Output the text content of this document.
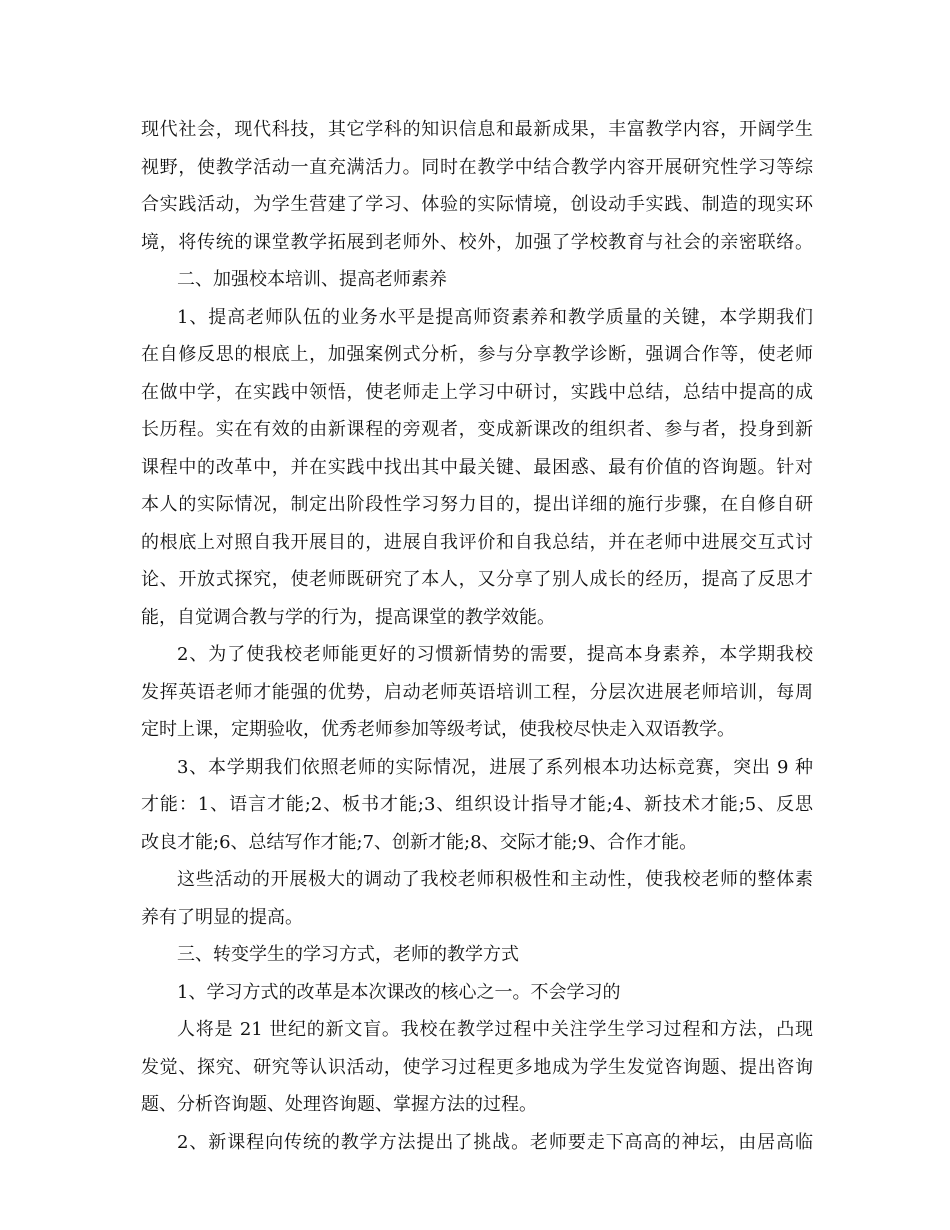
现代社会，现代科技，其它学科的知识信息和最新成果，丰富教学内容，开阔学生
视野，使教学活动一直充满活力。同时在教学中结合教学内容开展研究性学习等综
合实践活动，为学生营建了学习、体验的实际情境，创设动手实践、制造的现实环
境，将传统的课堂教学拓展到老师外、校外，加强了学校教育与社会的亲密联络。
二、加强校本培训、提高老师素养
1、提高老师队伍的业务水平是提高师资素养和教学质量的关键，本学期我们
在自修反思的根底上，加强案例式分析，参与分享教学诊断，强调合作等，使老师
在做中学，在实践中领悟，使老师走上学习中研讨，实践中总结，总结中提高的成
长历程。实在有效的由新课程的旁观者，变成新课改的组织者、参与者，投身到新
课程中的改革中，并在实践中找出其中最关键、最困惑、最有价值的咨询题。针对
本人的实际情况，制定出阶段性学习努力目的，提出详细的施行步骤，在自修自研
的根底上对照自我开展目的，进展自我评价和自我总结，并在老师中进展交互式讨
论、开放式探究，使老师既研究了本人，又分享了别人成长的经历，提高了反思才
能，自觉调合教与学的行为，提高课堂的教学效能。
2、为了使我校老师能更好的习惯新情势的需要，提高本身素养，本学期我校
发挥英语老师才能强的优势，启动老师英语培训工程，分层次进展老师培训，每周
定时上课，定期验收，优秀老师参加等级考试，使我校尽快走入双语教学。
3、本学期我们依照老师的实际情况，进展了系列根本功达标竞赛，突出 9 种
才能：1、语言才能;2、板书才能;3、组织设计指导才能;4、新技术才能;5、反思
改良才能;6、总结写作才能;7、创新才能;8、交际才能;9、合作才能。
这些活动的开展极大的调动了我校老师积极性和主动性，使我校老师的整体素
养有了明显的提高。
三、转变学生的学习方式，老师的教学方式
1、学习方式的改革是本次课改的核心之一。不会学习的
人将是 21 世纪的新文盲。我校在教学过程中关注学生学习过程和方法，凸现
发觉、探究、研究等认识活动，使学习过程更多地成为学生发觉咨询题、提出咨询
题、分析咨询题、处理咨询题、掌握方法的过程。
2、新课程向传统的教学方法提出了挑战。老师要走下高高的神坛，由居高临
